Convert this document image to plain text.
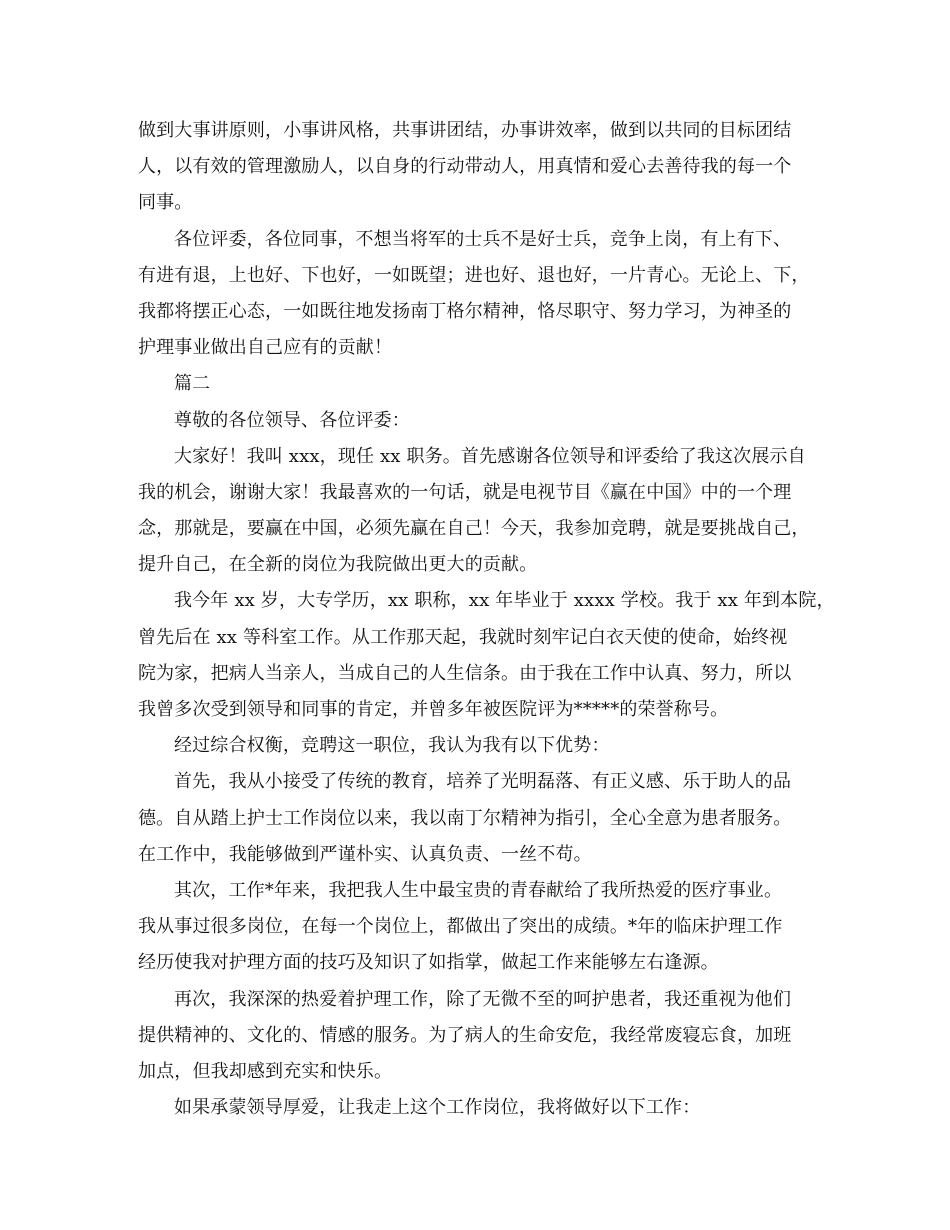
做到大事讲原则，小事讲风格，共事讲团结，办事讲效率，做到以共同的目标团结

人，以有效的管理激励人，以自身的行动带动人，用真情和爱心去善待我的每一个

同事。

各位评委，各位同事，不想当将军的士兵不是好士兵，竞争上岗，有上有下、

有进有退，上也好、下也好，一如既望；进也好、退也好，一片青心。无论上、下，

我都将摆正心态，一如既往地发扬南丁格尔精神，恪尽职守、努力学习，为神圣的

护理事业做出自己应有的贡献！

篇二

尊敬的各位领导、各位评委：

大家好！我叫 xxx，现任 xx 职务。首先感谢各位领导和评委给了我这次展示自

我的机会，谢谢大家！我最喜欢的一句话，就是电视节目《赢在中国》中的一个理

念，那就是，要赢在中国，必须先赢在自己！今天，我参加竞聘，就是要挑战自己，

提升自己，在全新的岗位为我院做出更大的贡献。

我今年 xx 岁，大专学历，xx 职称，xx 年毕业于 xxxx 学校。我于 xx 年到本院，

曾先后在 xx 等科室工作。从工作那天起，我就时刻牢记白衣天使的使命，始终视

院为家，把病人当亲人，当成自己的人生信条。由于我在工作中认真、努力，所以

我曾多次受到领导和同事的肯定，并曾多年被医院评为*****的荣誉称号。

经过综合权衡，竞聘这一职位，我认为我有以下优势：

首先，我从小接受了传统的教育，培养了光明磊落、有正义感、乐于助人的品

德。自从踏上护士工作岗位以来，我以南丁尔精神为指引，全心全意为患者服务。

在工作中，我能够做到严谨朴实、认真负责、一丝不苟。

其次，工作*年来，我把我人生中最宝贵的青春献给了我所热爱的医疗事业。

我从事过很多岗位，在每一个岗位上，都做出了突出的成绩。*年的临床护理工作

经历使我对护理方面的技巧及知识了如指掌，做起工作来能够左右逢源。

再次，我深深的热爱着护理工作，除了无微不至的呵护患者，我还重视为他们

提供精神的、文化的、情感的服务。为了病人的生命安危，我经常废寝忘食，加班

加点，但我却感到充实和快乐。

如果承蒙领导厚爱，让我走上这个工作岗位，我将做好以下工作：
